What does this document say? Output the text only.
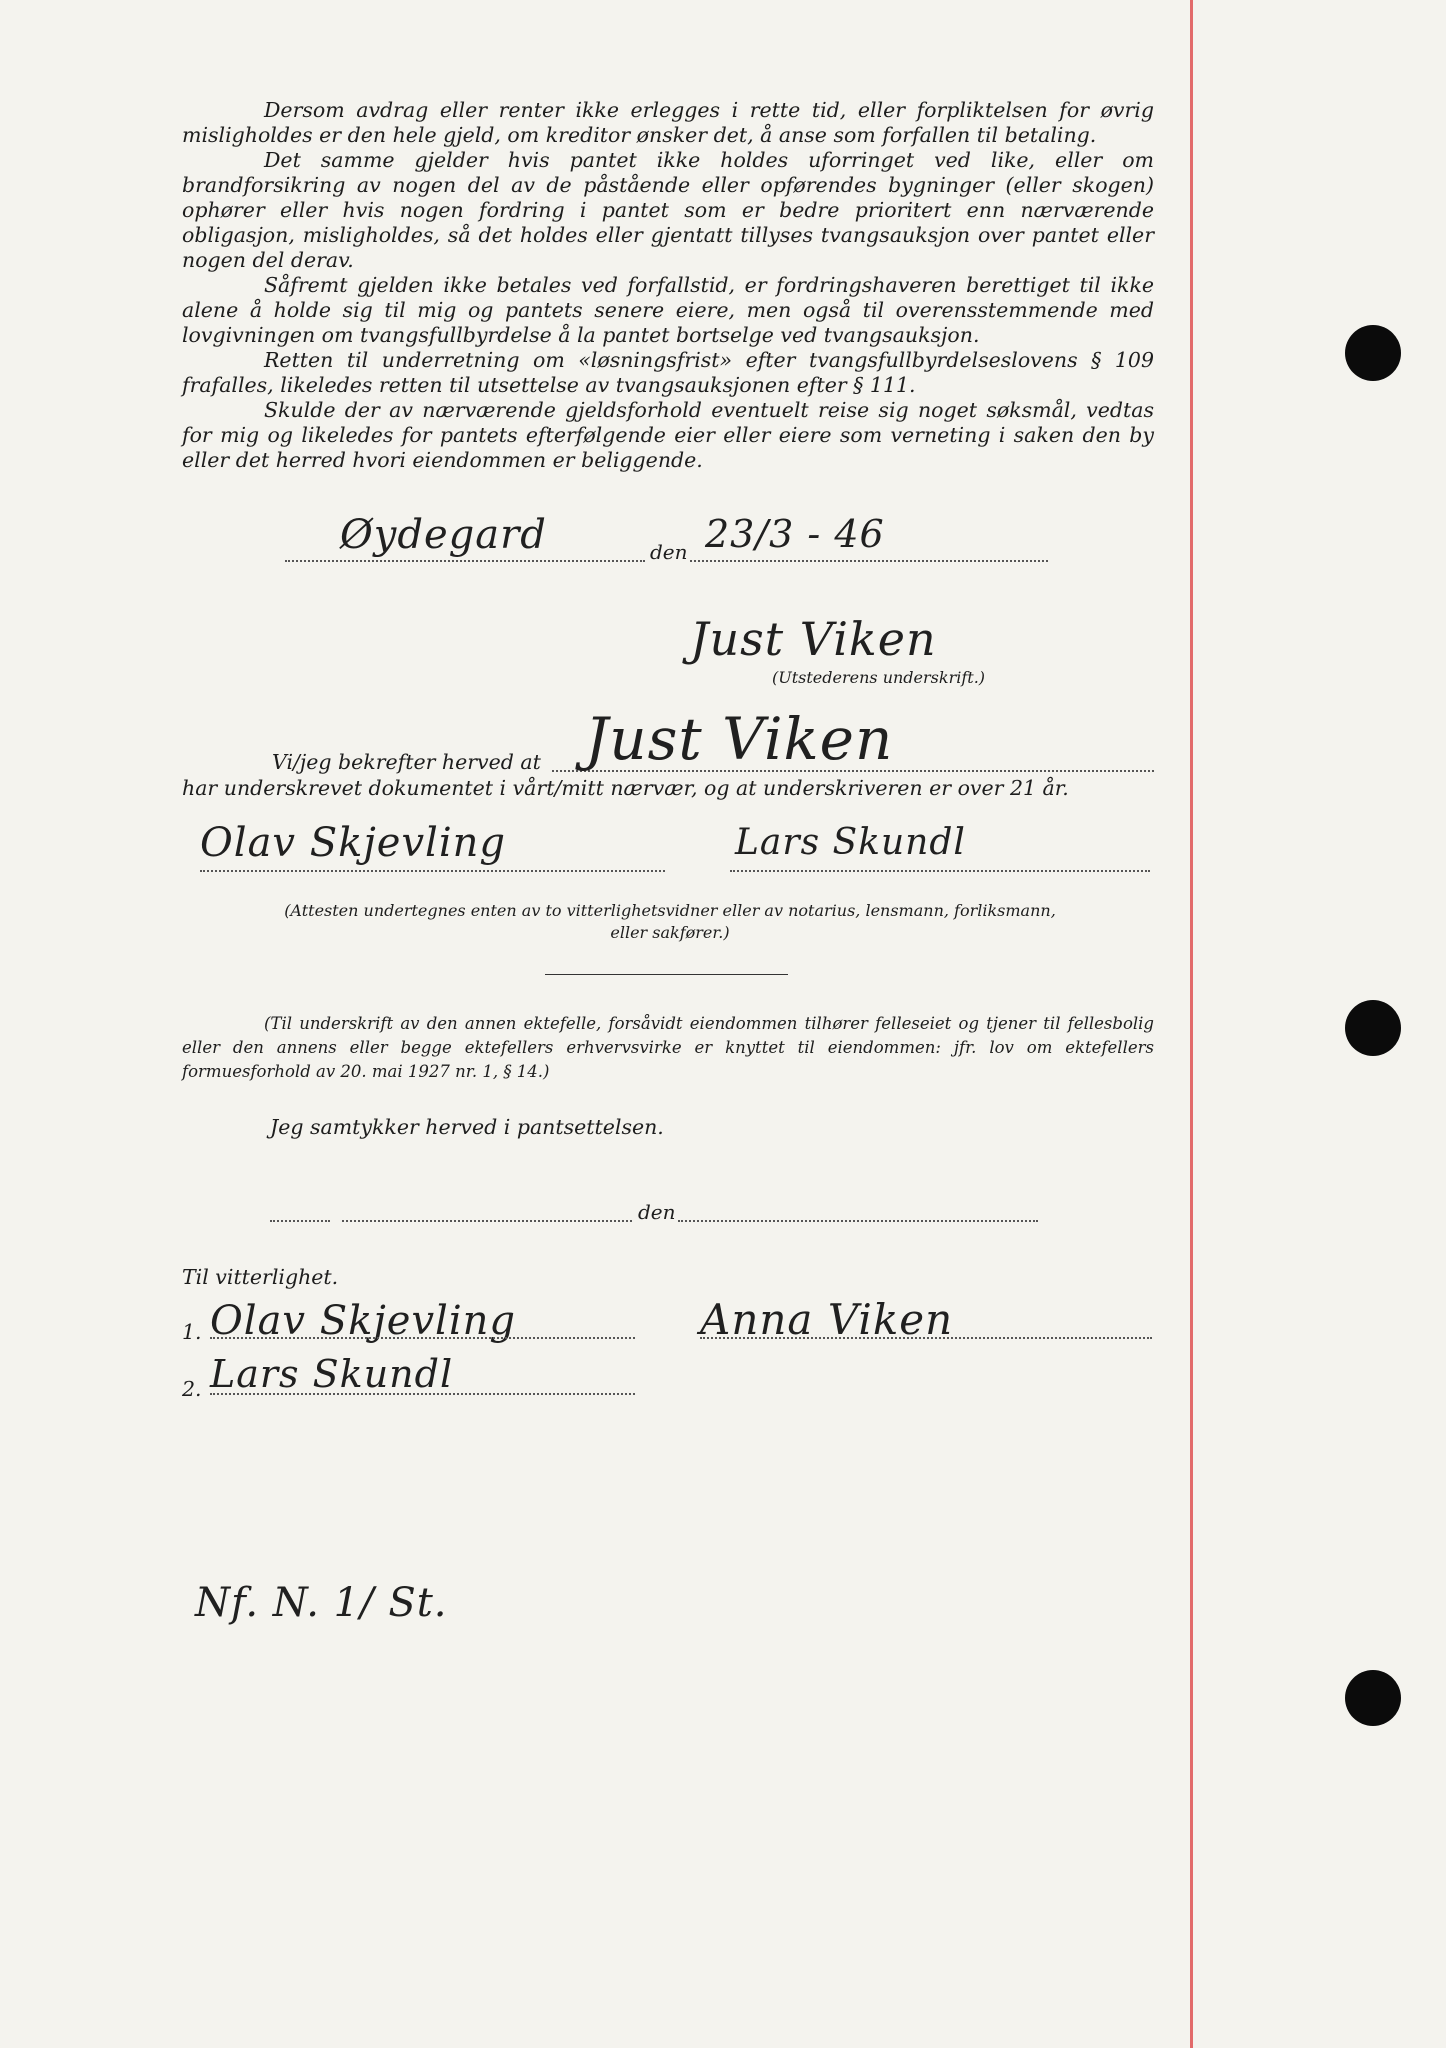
Dersom avdrag eller renter ikke erlegges i rette tid, eller forpliktelsen for øvrig misligholdes er den hele gjeld, om kreditor ønsker det, å anse som forfallen til betaling.

Det samme gjelder hvis pantet ikke holdes uforringet ved like, eller om brandforsikring av nogen del av de påstående eller opførendes bygninger (eller skogen) ophører eller hvis nogen fordring i pantet som er bedre prioritert enn nærværende obligasjon, misligholdes, så det holdes eller gjentatt tillyses tvangsauksjon over pantet eller nogen del derav.

Såfremt gjelden ikke betales ved forfallstid, er fordringshaveren berettiget til ikke alene å holde sig til mig og pantets senere eiere, men også til overensstemmende med lovgivningen om tvangsfullbyrdelse å la pantet bortselge ved tvangsauksjon.

Retten til underretning om «løsningsfrist» efter tvangsfullbyrdelseslovens § 109 frafalles, likeledes retten til utsettelse av tvangsauksjonen efter § 111.

Skulde der av nærværende gjeldsforhold eventuelt reise sig noget søksmål, vedtas for mig og likeledes for pantets efterfølgende eier eller eiere som verneting i saken den by eller det herred hvori eiendommen er beliggende.

Øydegard	den 23/3 - 46
Just Viken
(Utstederens underskrift.)
Vi/jeg bekrefter herved at Just Viken
har underskrevet dokumentet i vårt/mitt nærvær, og at underskriveren er over 21 år.
Olav Skjevling	Lars Skundl
(Attesten undertegnes enten av to vitterlighetsvidner eller av notarius, lensmann, forliksmann, eller sakfører.)
(Til underskrift av den annen ektefelle, forsåvidt eiendommen tilhører felleseiet og tjener til fellesbolig eller den annens eller begge ektefellers erhvervsvirke er knyttet til eiendommen: jfr. lov om ektefellers formuesforhold av 20. mai 1927 nr. 1, § 14.)
Jeg samtykker herved i pantsettelsen.
den
Til vitterlighet.
1. Olav Skjevling
2. Lars Skundl
Anna Viken
Nf. N. 1/ St.
